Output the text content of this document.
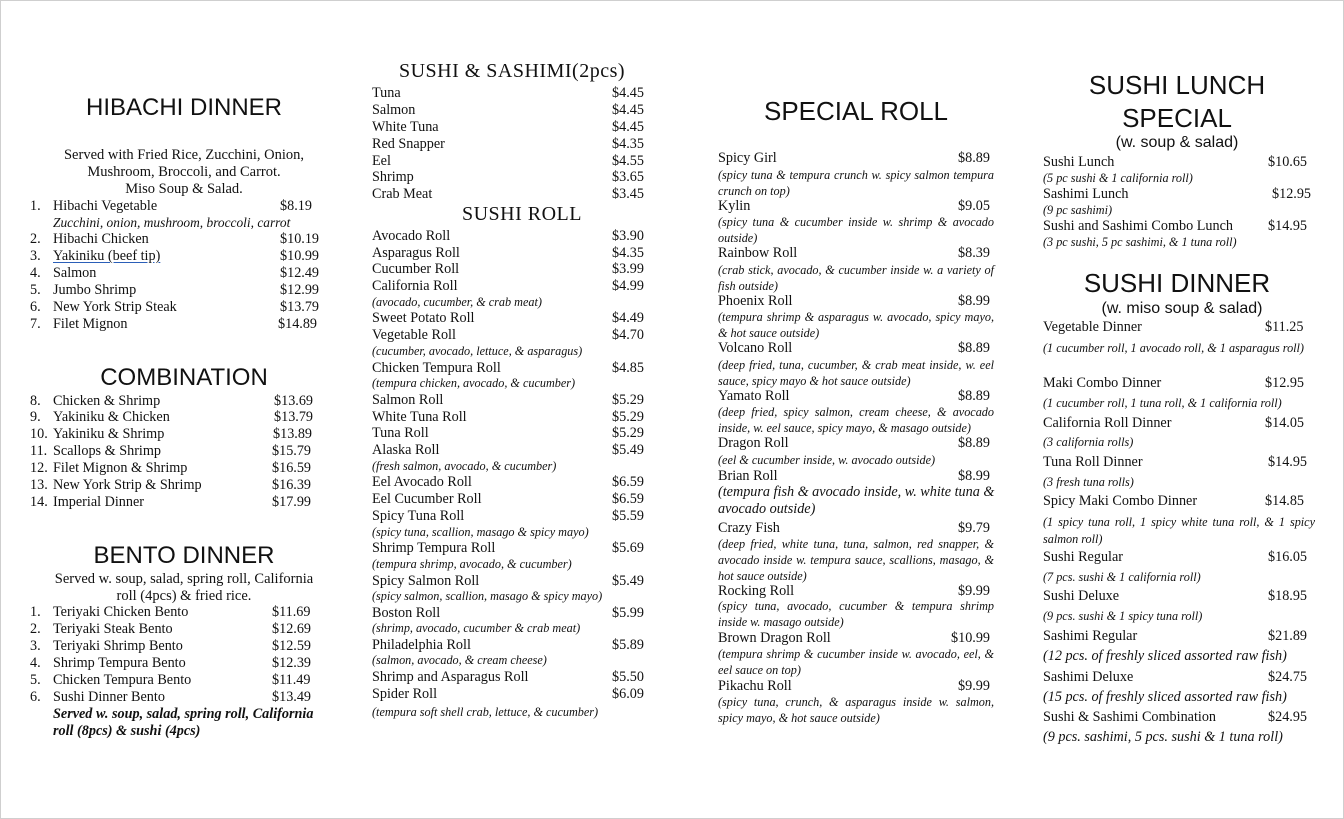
HIBACHI DINNER
Served with Fried Rice, Zucchini, Onion,
Mushroom, Broccoli, and Carrot.
Miso Soup & Salad.
1. Hibachi Vegetable	$8.19
Zucchini, onion, mushroom, broccoli, carrot
2. Hibachi Chicken	$10.19
3. Yakiniku (beef tip)	$10.99
4. Salmon	$12.49
5. Jumbo Shrimp	$12.99
6. New York Strip Steak	$13.79
7. Filet Mignon	$14.89
COMBINATION
8. Chicken & Shrimp	$13.69
9. Yakiniku & Chicken	$13.79
10. Yakiniku & Shrimp	$13.89
11. Scallops & Shrimp	$15.79
12. Filet Mignon & Shrimp	$16.59
13. New York Strip & Shrimp	$16.39
14. Imperial Dinner	$17.99
BENTO DINNER
Served w. soup, salad, spring roll, California
roll (4pcs) & fried rice.
1. Teriyaki Chicken Bento	$11.69
2. Teriyaki Steak Bento	$12.69
3. Teriyaki Shrimp Bento	$12.59
4. Shrimp Tempura Bento	$12.39
5. Chicken Tempura Bento	$11.49
6. Sushi Dinner Bento	$13.49
Served w. soup, salad, spring roll, California
roll (8pcs) & sushi (4pcs)
SUSHI & SASHIMI(2pcs)
Tuna	$4.45
Salmon	$4.45
White Tuna	$4.45
Red Snapper	$4.35
Eel	$4.55
Shrimp	$3.65
Crab Meat	$3.45
SUSHI ROLL
Avocado Roll	$3.90
Asparagus Roll	$4.35
Cucumber Roll	$3.99
California Roll	$4.99
(avocado, cucumber, & crab meat)
Sweet Potato Roll	$4.49
Vegetable Roll	$4.70
(cucumber, avocado, lettuce, & asparagus)
Chicken Tempura Roll	$4.85
(tempura chicken, avocado, & cucumber)
Salmon Roll	$5.29
White Tuna Roll	$5.29
Tuna Roll	$5.29
Alaska Roll	$5.49
(fresh salmon, avocado, & cucumber)
Eel Avocado Roll	$6.59
Eel Cucumber Roll	$6.59
Spicy Tuna Roll	$5.59
(spicy tuna, scallion, masago & spicy mayo)
Shrimp Tempura Roll	$5.69
(tempura shrimp, avocado, & cucumber)
Spicy Salmon Roll	$5.49
(spicy salmon, scallion, masago & spicy mayo)
Boston Roll	$5.99
(shrimp, avocado, cucumber & crab meat)
Philadelphia Roll	$5.89
(salmon, avocado, & cream cheese)
Shrimp and Asparagus Roll	$5.50
Spider Roll	$6.09
(tempura soft shell crab, lettuce, & cucumber)
SPECIAL ROLL
Spicy Girl	$8.89
(spicy tuna & tempura crunch w. spicy salmon tempura crunch on top)
Kylin	$9.05
(spicy tuna & cucumber inside w. shrimp & avocado outside)
Rainbow Roll	$8.39
(crab stick, avocado, & cucumber inside w. a variety of fish outside)
Phoenix Roll	$8.99
(tempura shrimp & asparagus w. avocado, spicy mayo, & hot sauce outside)
Volcano Roll	$8.89
(deep fried, tuna, cucumber, & crab meat inside, w. eel sauce, spicy mayo & hot sauce outside)
Yamato Roll	$8.89
(deep fried, spicy salmon, cream cheese, & avocado inside, w. eel sauce, spicy mayo, & masago outside)
Dragon Roll	$8.89
(eel & cucumber inside, w. avocado outside)
Brian Roll	$8.99
(tempura fish & avocado inside, w. white tuna & avocado outside)
Crazy Fish	$9.79
(deep fried, white tuna, tuna, salmon, red snapper, & avocado inside w. tempura sauce, scallions, masago, & hot sauce outside)
Rocking Roll	$9.99
(spicy tuna, avocado, cucumber & tempura shrimp inside w. masago outside)
Brown Dragon Roll	$10.99
(tempura shrimp & cucumber inside w. avocado, eel, & eel sauce on top)
Pikachu Roll	$9.99
(spicy tuna, crunch, & asparagus inside w. salmon, spicy mayo, & hot sauce outside)
SUSHI LUNCH
SPECIAL
(w. soup & salad)
Sushi Lunch	$10.65
(5 pc sushi & 1 california roll)
Sashimi Lunch	$12.95
(9 pc sashimi)
Sushi and Sashimi Combo Lunch $14.95
(3 pc sushi, 5 pc sashimi, & 1 tuna roll)
SUSHI DINNER
(w. miso soup & salad)
Vegetable Dinner	$11.25
(1 cucumber roll, 1 avocado roll, & 1 asparagus roll)
Maki Combo Dinner	$12.95
(1 cucumber roll, 1 tuna roll, & 1 california roll)
California Roll Dinner	$14.05
(3 california rolls)
Tuna Roll Dinner	$14.95
(3 fresh tuna rolls)
Spicy Maki Combo Dinner	$14.85
(1 spicy tuna roll, 1 spicy white tuna roll, & 1 spicy salmon roll)
Sushi Regular	$16.05
(7 pcs. sushi & 1 california roll)
Sushi Deluxe	$18.95
(9 pcs. sushi & 1 spicy tuna roll)
Sashimi Regular	$21.89
(12 pcs. of freshly sliced assorted raw fish)
Sashimi Deluxe	$24.75
(15 pcs. of freshly sliced assorted raw fish)
Sushi & Sashimi Combination	$24.95
(9 pcs. sashimi, 5 pcs. sushi & 1 tuna roll)
